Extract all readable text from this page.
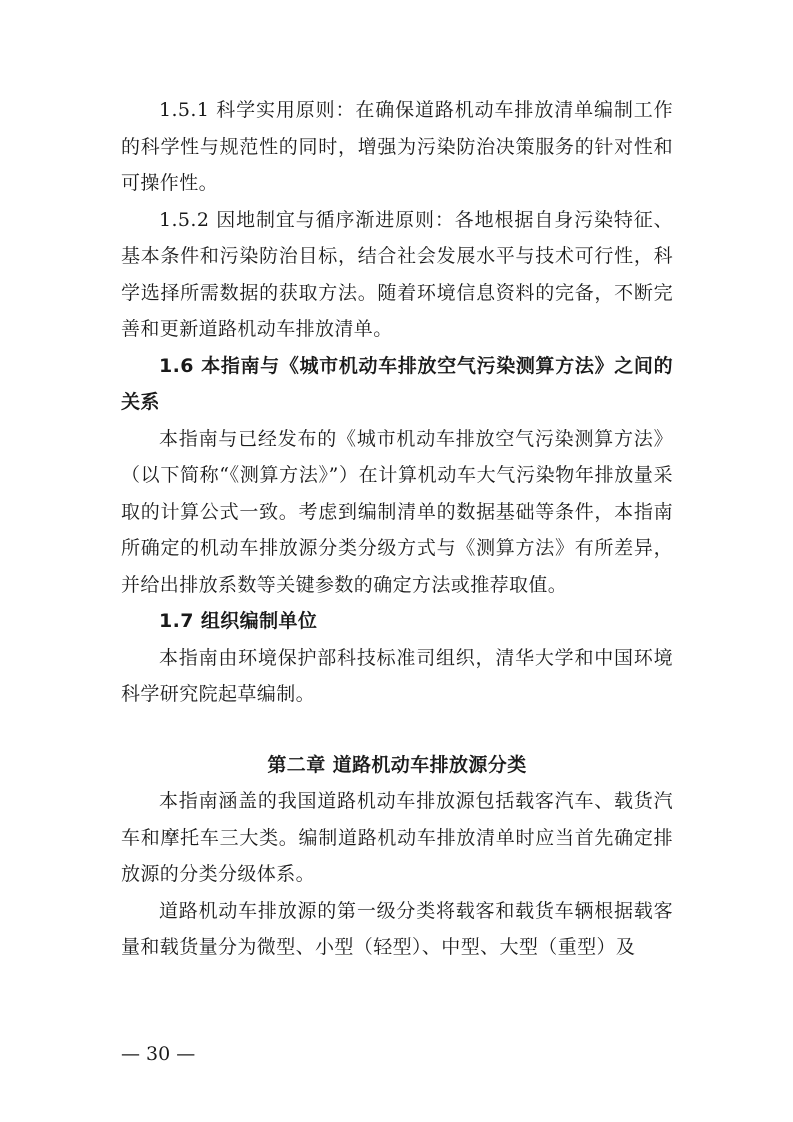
1.5.1 科学实用原则：在确保道路机动车排放清单编制工作的科学性与规范性的同时，增强为污染防治决策服务的针对性和可操作性。

1.5.2 因地制宜与循序渐进原则：各地根据自身污染特征、基本条件和污染防治目标，结合社会发展水平与技术可行性，科学选择所需数据的获取方法。随着环境信息资料的完备，不断完善和更新道路机动车排放清单。

1.6 本指南与《城市机动车排放空气污染测算方法》之间的关系

本指南与已经发布的《城市机动车排放空气污染测算方法》（以下简称“《测算方法》”）在计算机动车大气污染物年排放量采取的计算公式一致。考虑到编制清单的数据基础等条件，本指南所确定的机动车排放源分类分级方式与《测算方法》有所差异，并给出排放系数等关键参数的确定方法或推荐取值。

1.7 组织编制单位

本指南由环境保护部科技标准司组织，清华大学和中国环境科学研究院起草编制。

第二章 道路机动车排放源分类

本指南涵盖的我国道路机动车排放源包括载客汽车、载货汽车和摩托车三大类。编制道路机动车排放清单时应当首先确定排放源的分类分级体系。

道路机动车排放源的第一级分类将载客和载货车辆根据载客量和载货量分为微型、小型（轻型）、中型、大型（重型）及

— 30 —
